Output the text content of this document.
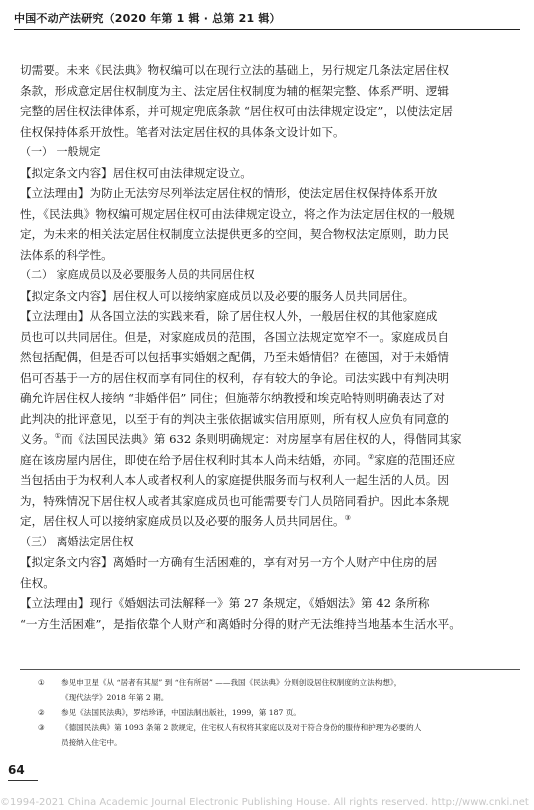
中国不动产法研究（2020 年第 1 辑 · 总第 21 辑）
切需要。未来《民法典》物权编可以在现行立法的基础上，另行规定几条法定居住权
条款，形成意定居住权制度为主、法定居住权制度为辅的框架完整、体系严明、逻辑
完整的居住权法律体系，并可规定兜底条款 “居住权可由法律规定设定”，以使法定居
住权保持体系开放性。笔者对法定居住权的具体条文设计如下。
（一） 一般规定
【拟定条文内容】居住权可由法律规定设立。
【立法理由】为防止无法穷尽列举法定居住权的情形，使法定居住权保持体系开放
性，《民法典》物权编可规定居住权可由法律规定设立，将之作为法定居住权的一般规
定，为未来的相关法定居住权制度立法提供更多的空间，契合物权法定原则，助力民
法体系的科学性。
（二） 家庭成员以及必要服务人员的共同居住权
【拟定条文内容】居住权人可以接纳家庭成员以及必要的服务人员共同居住。
【立法理由】从各国立法的实践来看，除了居住权人外，一般居住权的其他家庭成
员也可以共同居住。但是，对家庭成员的范围，各国立法规定宽窄不一。家庭成员自
然包括配偶，但是否可以包括事实婚姻之配偶，乃至未婚情侣？在德国，对于未婚情
侣可否基于一方的居住权而享有同住的权利，存有较大的争论。司法实践中有判决明
确允许居住权人接纳 “非婚伴侣” 同住；但施蒂尔纳教授和埃克哈特则明确表达了对
此判决的批评意见，以至于有的判决主张依据诚实信用原则，所有权人应负有同意的
义务。①而《法国民法典》第 632 条则明确规定：对房屋享有居住权的人，得偕同其家
庭在该房屋内居住，即使在给予居住权利时其本人尚未结婚，亦同。②家庭的范围还应
当包括由于为权利人本人或者权利人的家庭提供服务而与权利人一起生活的人员。因
为，特殊情况下居住权人或者其家庭成员也可能需要专门人员陪同看护。因此本条规
定，居住权人可以接纳家庭成员以及必要的服务人员共同居住。③
（三） 离婚法定居住权
【拟定条文内容】离婚时一方确有生活困难的，享有对另一方个人财产中住房的居
住权。
【立法理由】现行《婚姻法司法解释一》第 27 条规定，《婚姻法》第 42 条所称
“一方生活困难”，是指依靠个人财产和离婚时分得的财产无法维持当地基本生活水平。
① 参见申卫星《从 “居者有其屋” 到 “住有所居” ——我国《民法典》分则创设居住权制度的立法构想》，
《现代法学》2018 年第 2 期。
② 参见《法国民法典》，罗结珍译，中国法制出版社，1999，第 187 页。
③ 《德国民法典》第 1093 条第 2 款规定，住宅权人有权将其家庭以及对于符合身份的服侍和护理为必要的人
员接纳入住宅中。
64
©1994-2021 China Academic Journal Electronic Publishing House. All rights reserved. http://www.cnki.net
